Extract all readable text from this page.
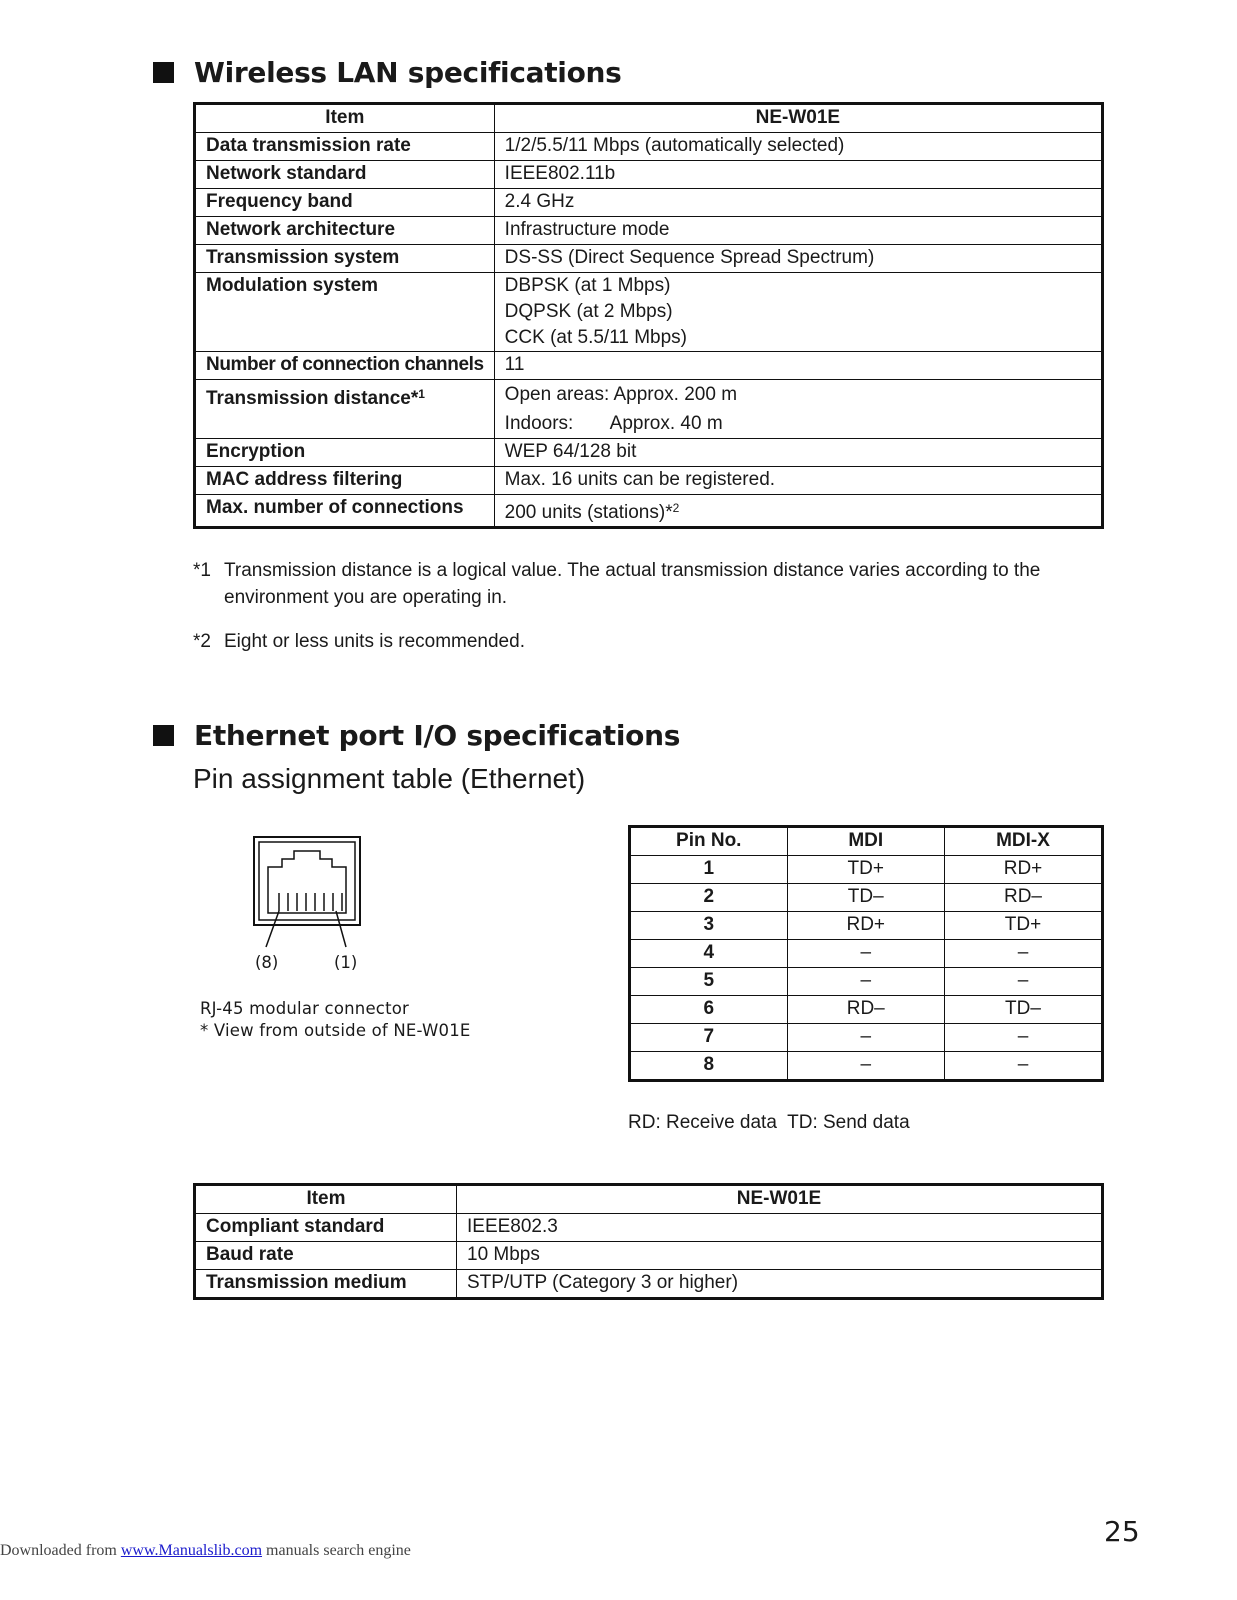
Wireless LAN specifications
Item	NE-W01E
Data transmission rate	1/2/5.5/11 Mbps (automatically selected)
Network standard	IEEE802.11b
Frequency band	2.4 GHz
Network architecture	Infrastructure mode
Transmission system	DS-SS (Direct Sequence Spread Spectrum)
Modulation system	DBPSK (at 1 Mbps)
DQPSK (at 2 Mbps)
CCK (at 5.5/11 Mbps)

Number of connection channels	11
Transmission distance*$^1$	Open areas: Approx. 200 m
Indoors: Approx. 40 m

Encryption	WEP 64/128 bit
MAC address filtering	Max. 16 units can be registered.
Max. number of connections	200 units (stations)*$^2$
*1 Transmission distance is a logical value. The actual transmission distance varies according to the environment you are operating in.
*2 Eight or less units is recommended.
Ethernet port I/O specifications
Pin assignment table (Ethernet)
(8)	(1)
RJ-45 modular connector
* View from outside of NE-W01E
Pin No.	MDI	MDI-X
1	TD+	RD+
2	TD–	RD–
3	RD+	TD+
4	–	–
5	–	–
6	RD–	TD–
7	–	–
8	–	–
RD: Receive data  TD: Send data
Item	NE-W01E
Compliant standard	IEEE802.3
Baud rate	10 Mbps
Transmission medium	STP/UTP (Category 3 or higher)
25
Downloaded from www.Manualslib.com manuals search engine
